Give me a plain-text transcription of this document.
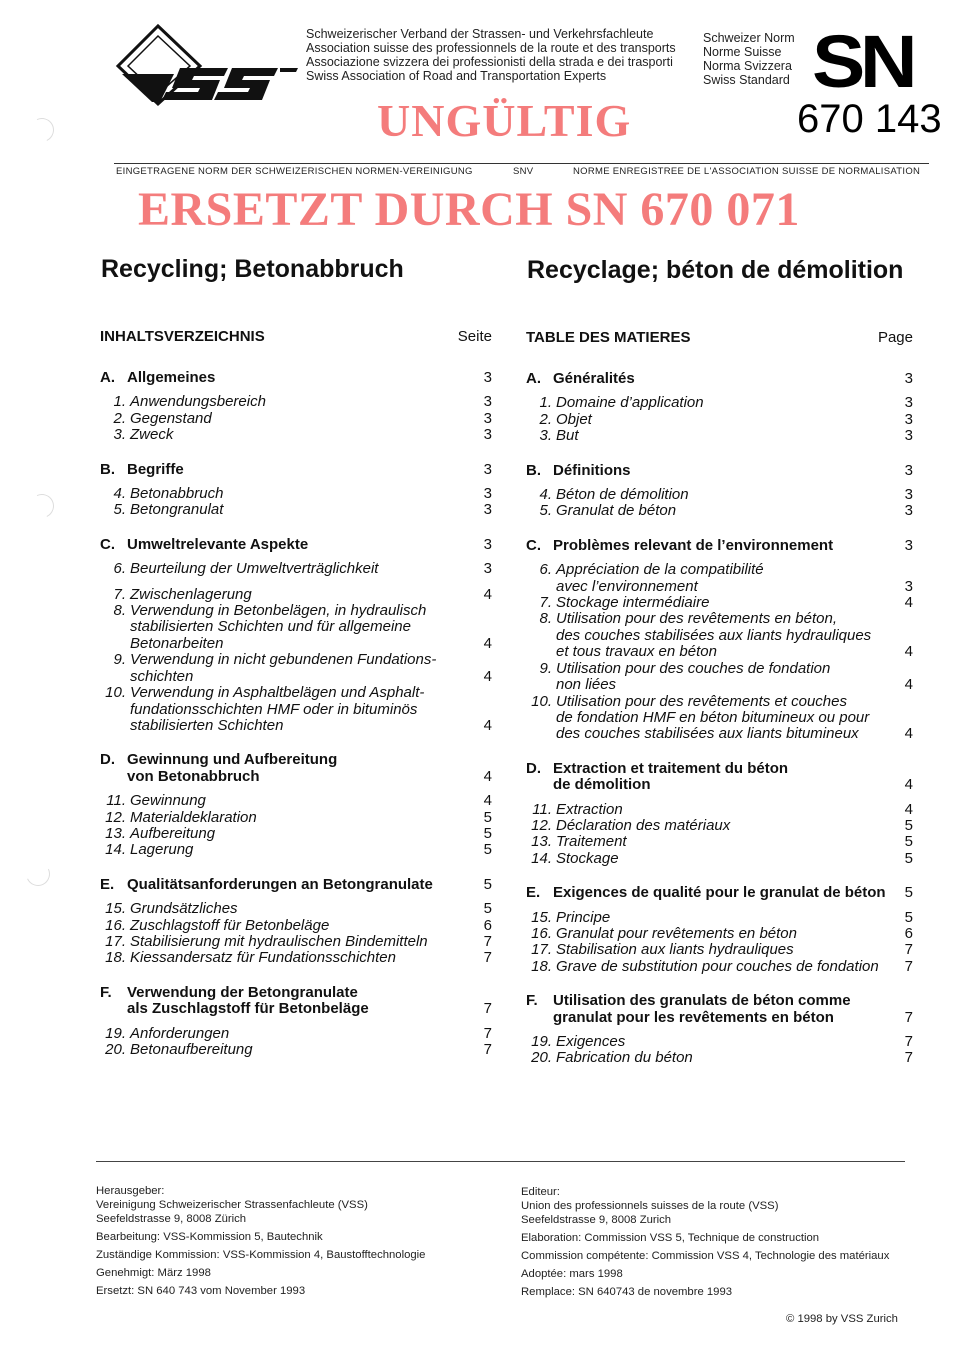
Schweizerischer Verband der Strassen- und Verkehrsfachleute
Association suisse des professionnels de la route et des transports
Associazione svizzera dei professionisti della strada e dei trasporti
Swiss Association of Road and Transportation Experts
Schweizer Norm
Norme Suisse
Norma Svizzera
Swiss Standard SN
670 143
UNGÜLTIG
EINGETRAGENE NORM DER SCHWEIZERISCHEN NORMEN-VEREINIGUNG	SNV	NORME ENREGISTREE DE L'ASSOCIATION SUISSE DE NORMALISATION
ERSETZT DURCH SN 670 071
Recycling; Betonabbruch	Recyclage; béton de démolition
INHALTSVERZEICHNIS	Seite
A. Allgemeines	3
1. Anwendungsbereich	3
2. Gegenstand	3
3. Zweck	3
B. Begriffe	3
4. Betonabbruch	3
5. Betongranulat	3
C. Umweltrelevante Aspekte	3
6. Beurteilung der Umweltverträglichkeit	3
7. Zwischenlagerung	4
8. Verwendung in Betonbelägen, in hydraulisch
stabilisierten Schichten und für allgemeine
Betonarbeiten	4
9. Verwendung in nicht gebundenen Fundations-
schichten	4
10. Verwendung in Asphaltbelägen und Asphalt-
fundationsschichten HMF oder in bituminös
stabilisierten Schichten	4
D. Gewinnung und Aufbereitung
von Betonabbruch	4
11. Gewinnung	4
12. Materialdeklaration	5
13. Aufbereitung	5
14. Lagerung	5
E. Qualitätsanforderungen an Betongranulate	5
15. Grundsätzliches	5
16. Zuschlagstoff für Betonbeläge	6
17. Stabilisierung mit hydraulischen Bindemitteln	7
18. Kiessandersatz für Fundationsschichten	7
F.	Verwendung der Betongranulate
als Zuschlagstoff für Betonbeläge	7
19. Anforderungen	7
20. Betonaufbereitung	7
TABLE DES MATIERES	Page
A. Généralités	3
1. Domaine d’application	3
2. Objet	3
3. But	3
B. Définitions	3
4. Béton de démolition	3
5. Granulat de béton	3
C. Problèmes relevant de l’environnement	3
6. Appréciation de la compatibilité
avec l’environnement	3
7. Stockage intermédiaire	4
8. Utilisation pour des revêtements en béton,
des couches stabilisées aux liants hydrauliques
et tous travaux en béton	4
9. Utilisation pour des couches de fondation
non liées	4
10. Utilisation pour des revêtements et couches
de fondation HMF en béton bitumineux ou pour
des couches stabilisées aux liants bitumineux	4
D. Extraction et traitement du béton
de démolition	4
11. Extraction	4
12. Déclaration des matériaux	5
13. Traitement	5
14. Stockage	5
E. Exigences de qualité pour le granulat de béton 5
15. Principe	5
16. Granulat pour revêtements en béton	6
17. Stabilisation aux liants hydrauliques	7
18. Grave de substitution pour couches de fondation 7
F.	Utilisation des granulats de béton comme
granulat pour les revêtements en béton	7
19. Exigences	7
20. Fabrication du béton	7
Herausgeber:
Vereinigung Schweizerischer Strassenfachleute (VSS)
Seefeldstrasse 9, 8008 Zürich
Bearbeitung: VSS-Kommission 5, Bautechnik
Zuständige Kommission: VSS-Kommission 4, Baustofftechnologie
Genehmigt: März 1998
Ersetzt: SN 640 743 vom November 1993
Editeur:
Union des professionnels suisses de la route (VSS)
Seefeldstrasse 9, 8008 Zurich
Elaboration: Commission VSS 5, Technique de construction
Commission compétente: Commission VSS 4, Technologie des matériaux
Adoptée: mars 1998
Remplace: SN 640743 de novembre 1993
© 1998 by VSS Zurich
